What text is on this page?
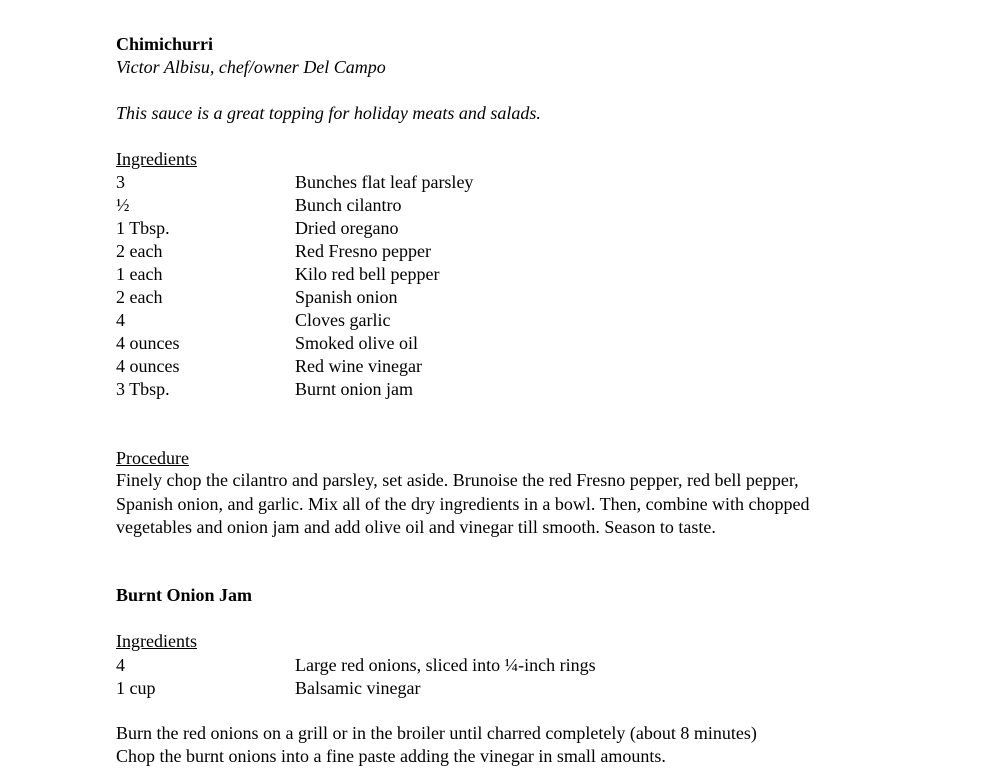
Chimichurri
Victor Albisu, chef/owner Del Campo
This sauce is a great topping for holiday meats and salads.
Ingredients
3	Bunches flat leaf parsley
½	Bunch cilantro
1 Tbsp.	Dried oregano
2 each	Red Fresno pepper
1 each	Kilo red bell pepper
2 each	Spanish onion
4	Cloves garlic
4 ounces	Smoked olive oil
4 ounces	Red wine vinegar
3 Tbsp.	Burnt onion jam
Procedure
Finely chop the cilantro and parsley, set aside. Brunoise the red Fresno pepper, red bell pepper,
Spanish onion, and garlic. Mix all of the dry ingredients in a bowl. Then, combine with chopped
vegetables and onion jam and add olive oil and vinegar till smooth. Season to taste.
Burnt Onion Jam
Ingredients
4	Large red onions, sliced into ¼-inch rings
1 cup	Balsamic vinegar
Burn the red onions on a grill or in the broiler until charred completely (about 8 minutes)
Chop the burnt onions into a fine paste adding the vinegar in small amounts.
